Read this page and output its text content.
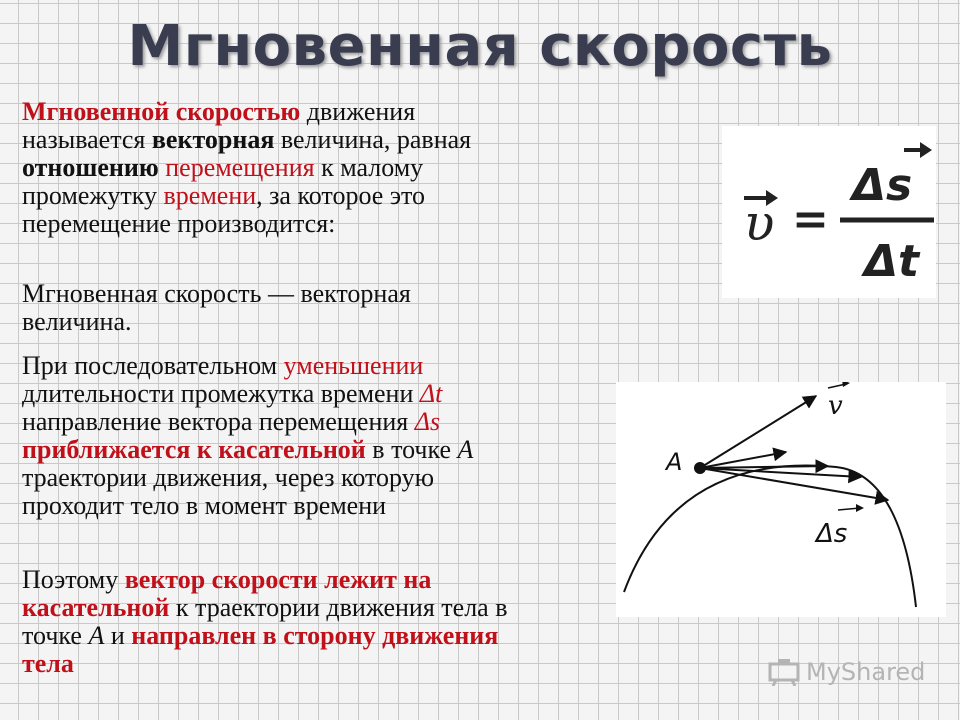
Мгновенная скорость
Мгновенной скоростью движения
называется векторная величина, равная
отношению перемещения к малому
промежутку времени, за которое это
перемещение производится:
Мгновенная скорость — векторная
величина.
При последовательном уменьшении
длительности промежутка времени Δt
направление вектора перемещения Δs
приближается к касательной в точке A
траектории движения, через которую
проходит тело в момент времени
Поэтому вектор скорости лежит на
касательной к траектории движения тела в
точке A и направлен в сторону движения
тела
υ =
Δs
Δt
A
v
Δs
MyShared
